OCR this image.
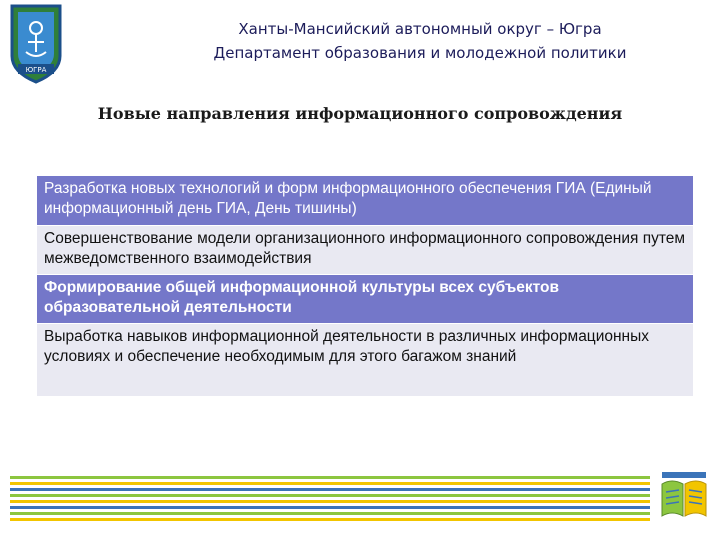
ЮГРА
Ханты-Мансийский автономный округ – Югра
Департамент образования и молодежной политики
Новые направления информационного сопровождения
Разработка новых технологий и форм информационного обеспечения ГИА (Единый информационный день ГИА, День тишины)
Совершенствование модели организационного информационного сопровождения путем межведомственного взаимодействия
Формирование общей информационной культуры всех субъектов образовательной деятельности
Выработка навыков информационной деятельности в различных информационных условиях и обеспечение необходимым для этого багажом знаний
